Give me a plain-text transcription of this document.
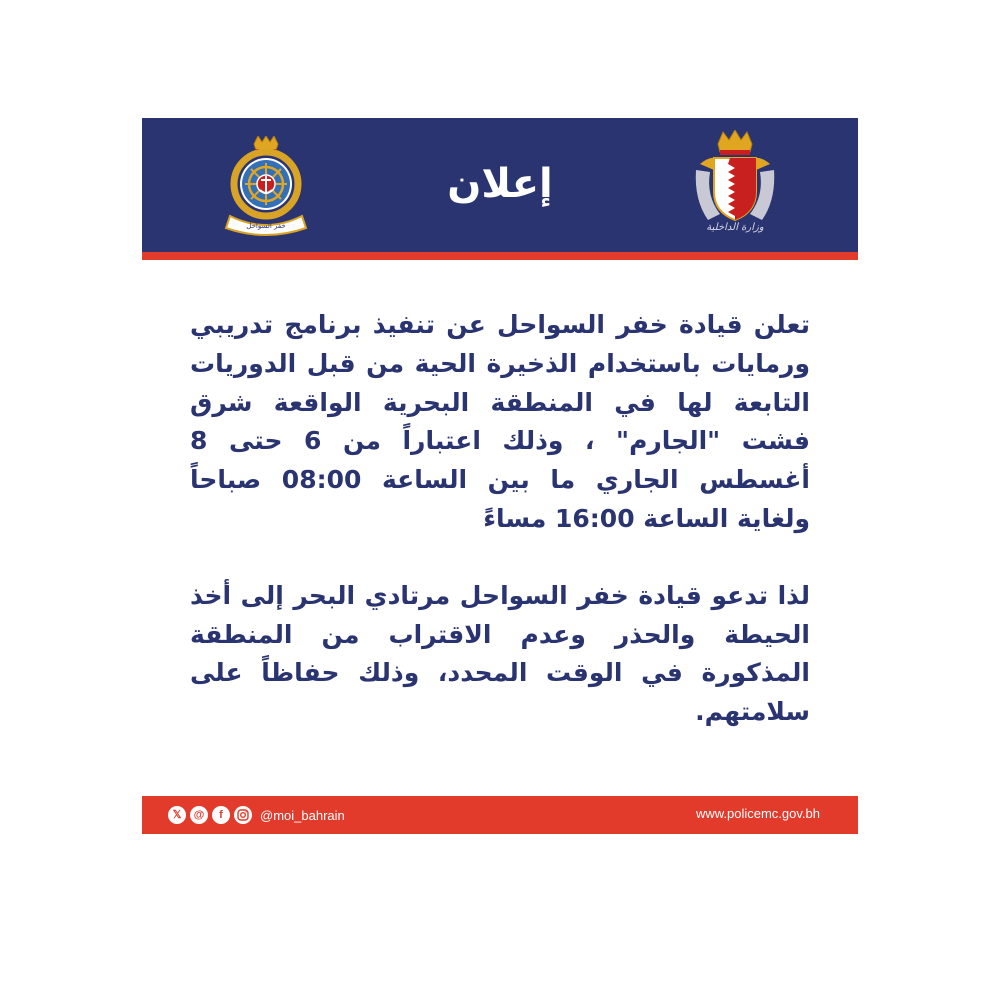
خفر السواحل
إعلان
وزارة الداخلية

تعلن قيادة خفر السواحل عن تنفيذ برنامج تدريبي ورمايات باستخدام الذخيرة الحية من قبل الدوريات التابعة لها في المنطقة البحرية الواقعة شرق فشت "الجارم" ، وذلك اعتباراً من 6 حتى 8 أغسطس الجاري ما بين الساعة 08:00 صباحاً ولغاية الساعة 16:00 مساءً

لذا تدعو قيادة خفر السواحل مرتادي البحر إلى أخذ الحيطة والحذر وعدم الاقتراب من المنطقة المذكورة في الوقت المحدد، وذلك حفاظاً على سلامتهم.

𝕏	@	f	@moi_bahrain	www.policemc.gov.bh
